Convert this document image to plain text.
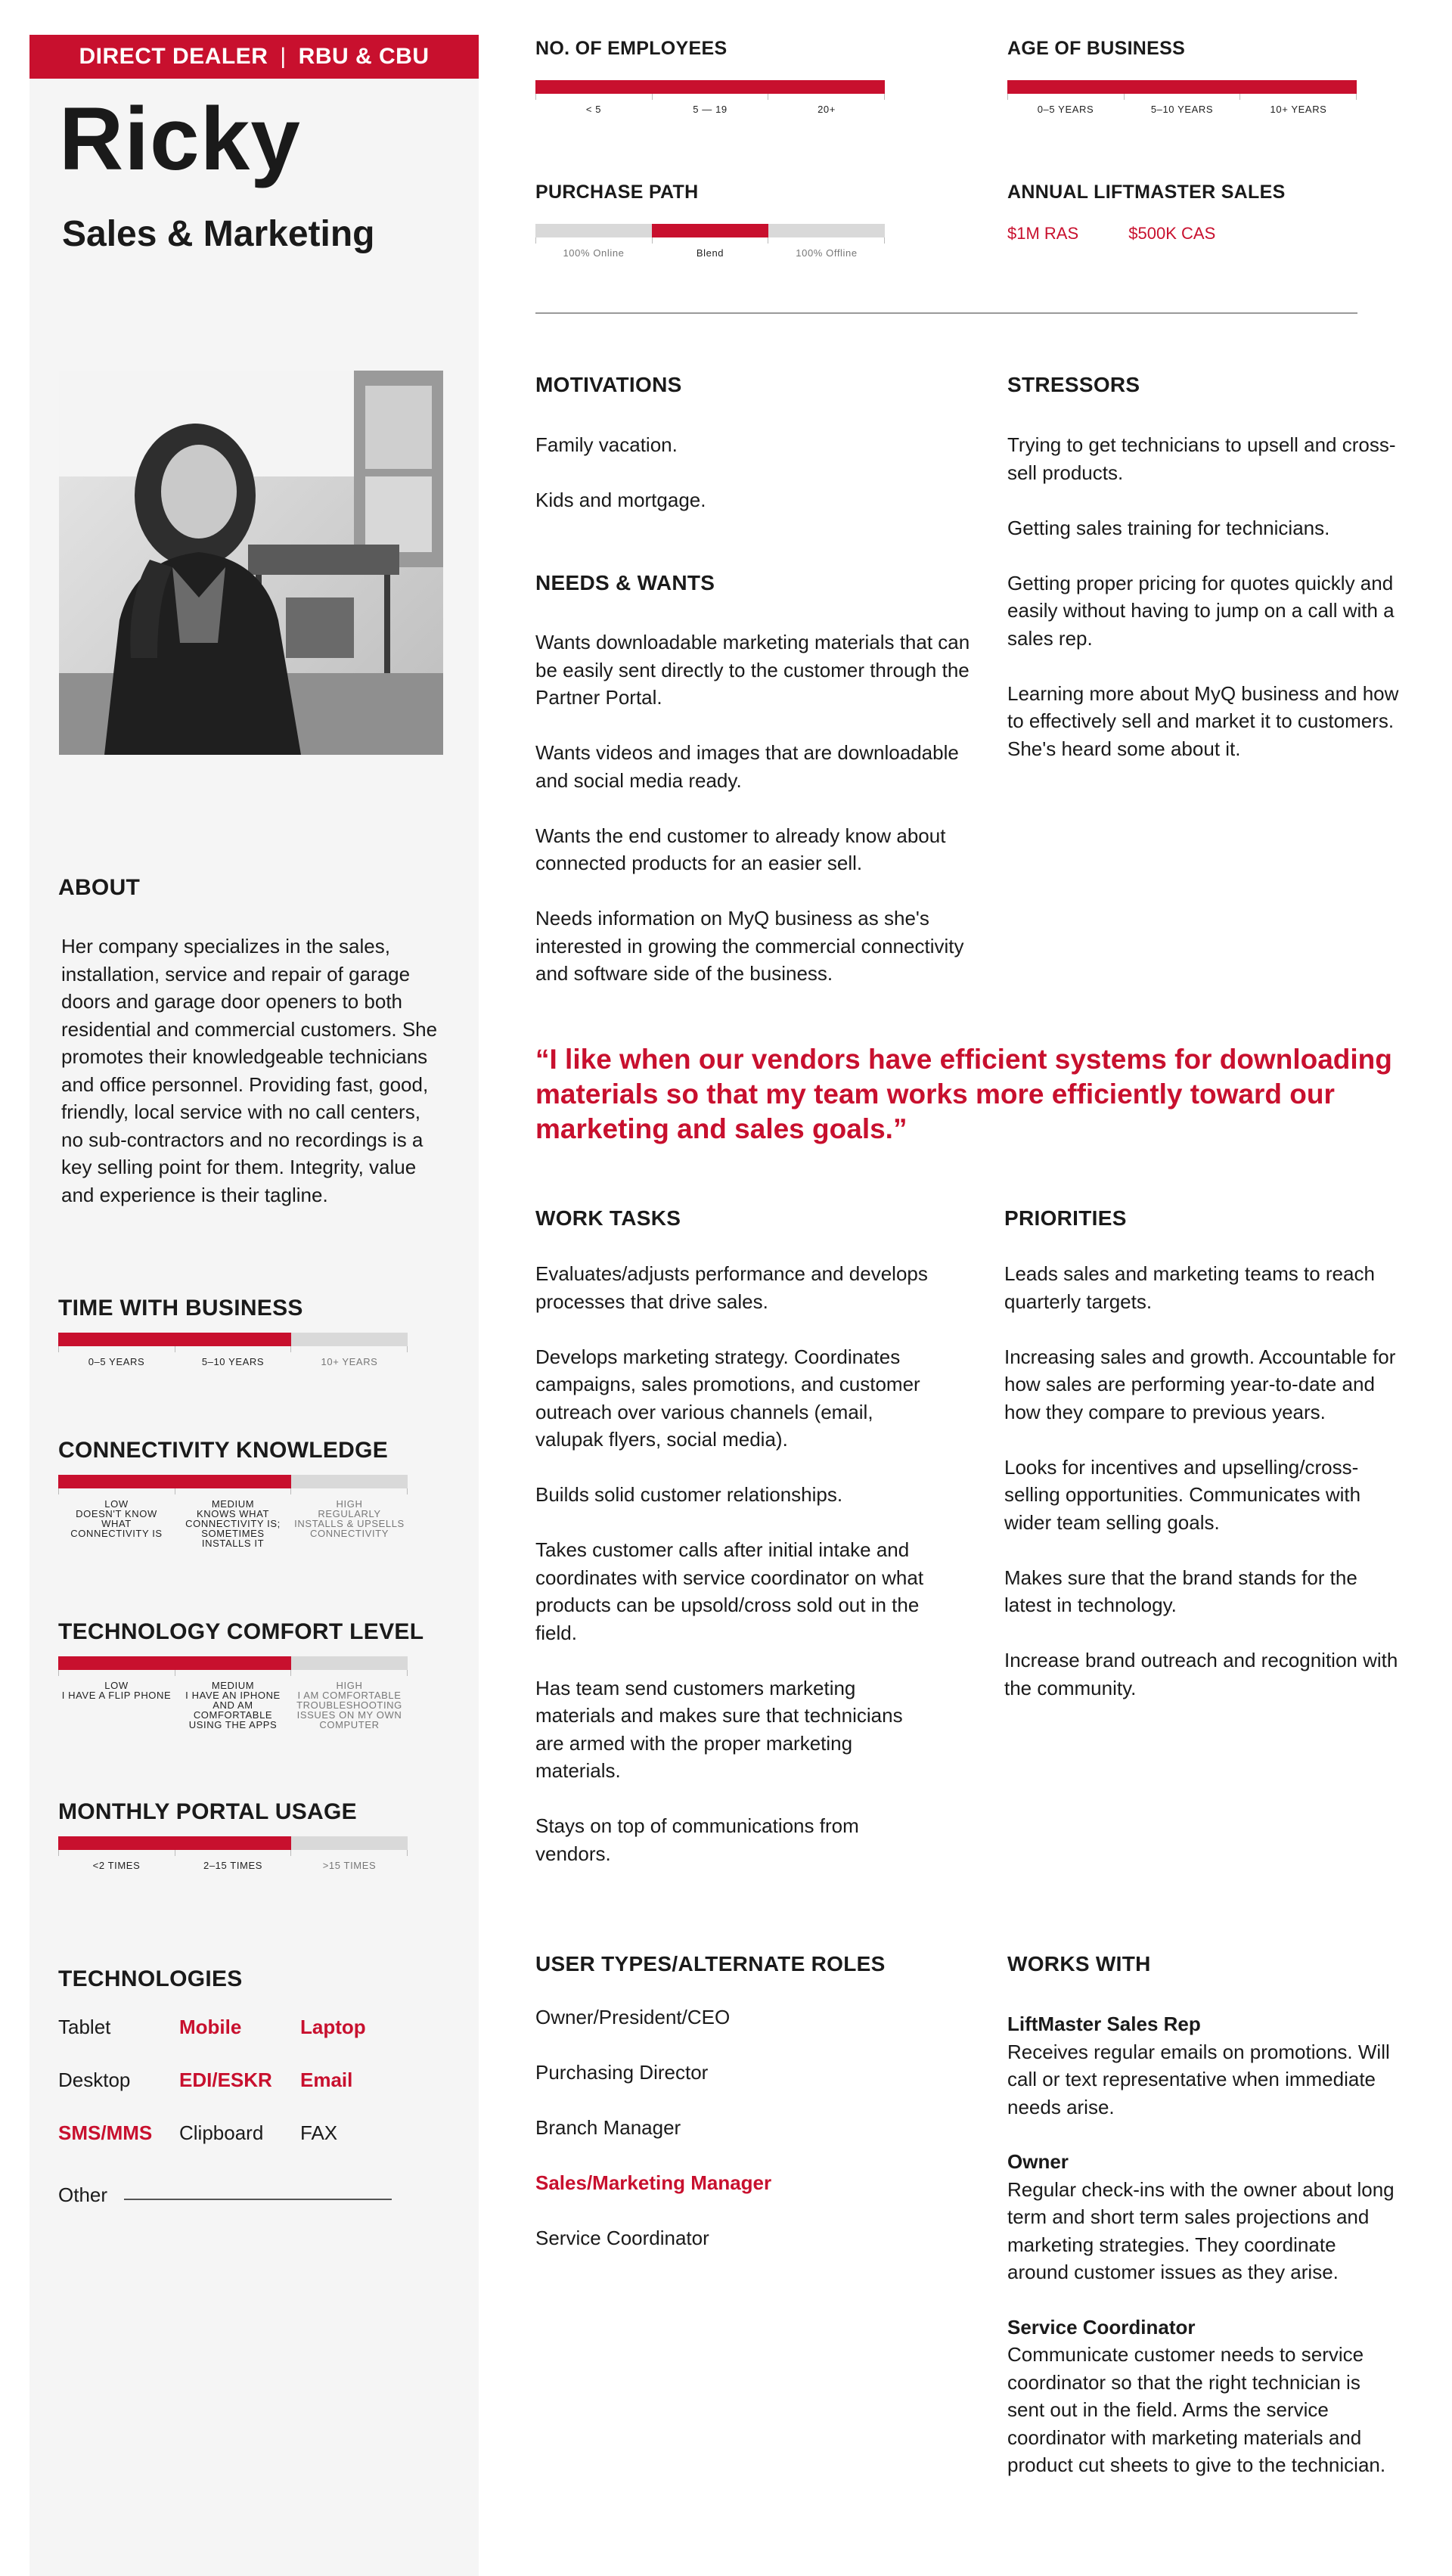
DIRECT DEALER | RBU & CBU
Ricky
Sales & Marketing
ABOUT
Her company specializes in the sales, installation, service and repair of garage doors and garage door openers to both residential and commercial customers. She promotes their knowledgeable technicians and office personnel. Providing fast, good, friendly, local service with no call centers, no sub-contractors and no recordings is a key selling point for them. Integrity, value and experience is their tagline.
TIME WITH BUSINESS
0–5 YEARS	5–10 YEARS	10+ YEARS
CONNECTIVITY KNOWLEDGE
LOW
DOESN'T KNOW WHAT CONNECTIVITY IS
MEDIUM
KNOWS WHAT CONNECTIVITY IS; SOMETIMES INSTALLS IT
HIGH
REGULARLY INSTALLS & UPSELLS CONNECTIVITY
TECHNOLOGY COMFORT LEVEL
LOW
I HAVE A FLIP PHONE
MEDIUM
I HAVE AN IPHONE AND AM COMFORTABLE USING THE APPS
HIGH
I AM COMFORTABLE TROUBLESHOOTING ISSUES ON MY OWN COMPUTER
MONTHLY PORTAL USAGE
<2 TIMES	2–15 TIMES	>15 TIMES
TECHNOLOGIES
Tablet	Mobile	Laptop
Desktop	EDI/ESKR	Email
SMS/MMS	Clipboard	FAX
Other
NO. OF EMPLOYEES
< 5	5 — 19	20+
AGE OF BUSINESS
0–5 YEARS	5–10 YEARS	10+ YEARS
PURCHASE PATH
100% Online	Blend	100% Offline
ANNUAL LIFTMASTER SALES
$1M RAS	$500K CAS
MOTIVATIONS

Family vacation.

Kids and mortgage.

NEEDS & WANTS

Wants downloadable marketing materials that can be easily sent directly to the customer through the Partner Portal.

Wants videos and images that are downloadable and social media ready.

Wants the end customer to already know about connected products for an easier sell.

Needs information on MyQ business as she's interested in growing the commercial connectivity and software side of the business.

STRESSORS

Trying to get technicians to upsell and cross-sell products.

Getting sales training for technicians.

Getting proper pricing for quotes quickly and easily without having to jump on a call with a sales rep.

Learning more about MyQ business and how to effectively sell and market it to customers. She's heard some about it.

“I like when our vendors have efficient systems for downloading materials so that my team works more efficiently toward our marketing and sales goals.”
WORK TASKS

Evaluates/adjusts performance and develops processes that drive sales.

Develops marketing strategy. Coordinates campaigns, sales promotions, and customer outreach over various channels (email, valupak flyers, social media).

Builds solid customer relationships.

Takes customer calls after initial intake and coordinates with service coordinator on what products can be upsold/cross sold out in the field.

Has team send customers marketing materials and makes sure that technicians are armed with the proper marketing materials.

Stays on top of communications from vendors.

PRIORITIES

Leads sales and marketing teams to reach quarterly targets.

Increasing sales and growth. Accountable for how sales are performing year-to-date and how they compare to previous years.

Looks for incentives and upselling/cross-selling opportunities. Communicates with wider team selling goals.

Makes sure that the brand stands for the latest in technology.

Increase brand outreach and recognition with the community.

USER TYPES/ALTERNATE ROLES
Owner/President/CEO
Purchasing Director
Branch Manager
Sales/Marketing Manager
Service Coordinator
WORKS WITH
LiftMaster Sales Rep
Receives regular emails on promotions. Will call or text representative when immediate needs arise.
Owner
Regular check-ins with the owner about long term and short term sales projections and marketing strategies. They coordinate around customer issues as they arise.
Service Coordinator
Communicate customer needs to service coordinator so that the right technician is sent out in the field. Arms the service coordinator with marketing materials and product cut sheets to give to the technician.
